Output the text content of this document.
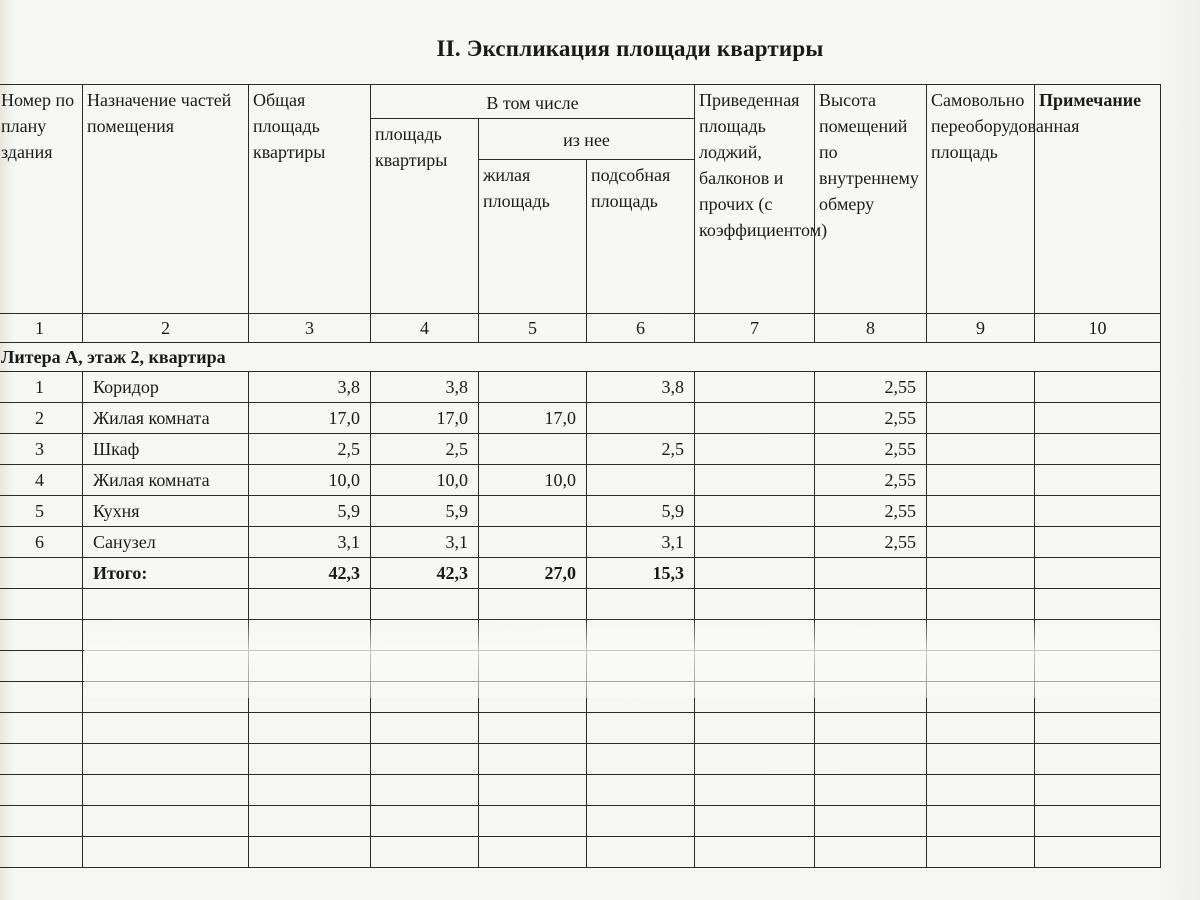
II. Экспликация площади квартиры
Номер по плану здания	Назначение частей помещения	Общая площадь квартиры	В том числе			Приведенная площадь лоджий, балконов и прочих (с коэффициентом)	Высота помещений по внутреннему обмеру	Самовольно переоборудованная площадь	Примечание
			площадь квартиры	из нее					
				жилая площадь	подсобная площадь				
1	2	3	4	5	6	7	8	9	10
Литера А, этаж 2, квартира									
1	Коридор	3,8	3,8		3,8		2,55		
2	Жилая комната	17,0	17,0	17,0			2,55		
3	Шкаф	2,5	2,5		2,5		2,55		
4	Жилая комната	10,0	10,0	10,0			2,55		
5	Кухня	5,9	5,9		5,9		2,55		
6	Санузел	3,1	3,1		3,1		2,55		
	Итого:	42,3	42,3	27,0	15,3				
